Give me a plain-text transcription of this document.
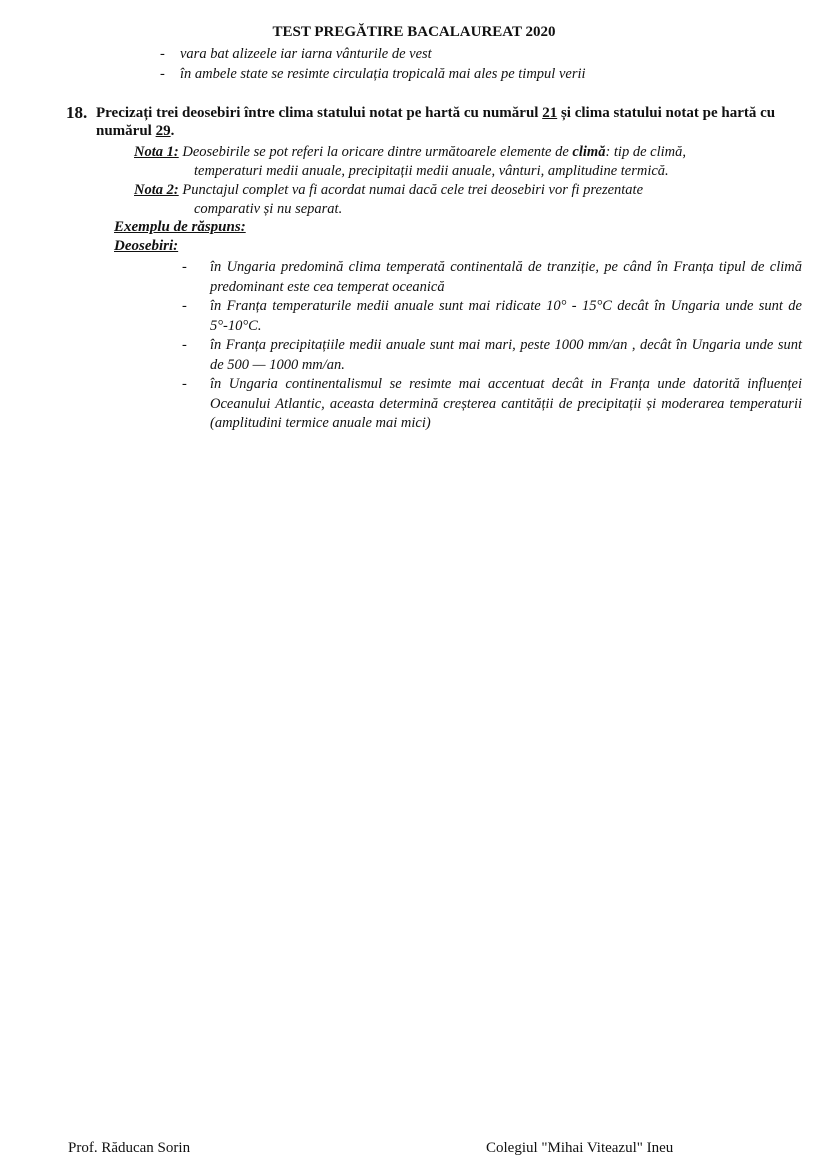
TEST PREGĂTIRE BACALAUREAT 2020
- vara bat alizeele iar iarna vânturile de vest
- în ambele state se resimte circulația tropicală mai ales pe timpul verii
18. Precizați trei deosebiri între clima statului notat pe hartă cu numărul 21 și clima statului notat pe hartă cu numărul 29.
Nota 1: Deosebirile se pot referi la oricare dintre următoarele elemente de climă: tip de climă,
temperaturi medii anuale, precipitații medii anuale, vânturi, amplitudine termică.
Nota 2: Punctajul complet va fi acordat numai dacă cele trei deosebiri vor fi prezentate
comparativ și nu separat.
Exemplu de răspuns:
Deosebiri:
-	în Ungaria predomină clima temperată continentală de tranziție, pe când în Franța tipul de climă predominant este cea temperat oceanică
-	în Franța temperaturile medii anuale sunt mai ridicate 10° - 15°C decât în Ungaria unde sunt de 5°-10°C.
-	în Franța precipitațiile medii anuale sunt mai mari, peste 1000 mm/an , decât în Ungaria unde sunt de 500 — 1000 mm/an.
-	în Ungaria continentalismul se resimte mai accentuat decât in Franța unde datorită influenței Oceanului Atlantic, aceasta determină creșterea cantității de precipitații și moderarea temperaturii (amplitudini termice anuale mai mici)
Prof. Răducan Sorin	Colegiul "Mihai Viteazul" Ineu
